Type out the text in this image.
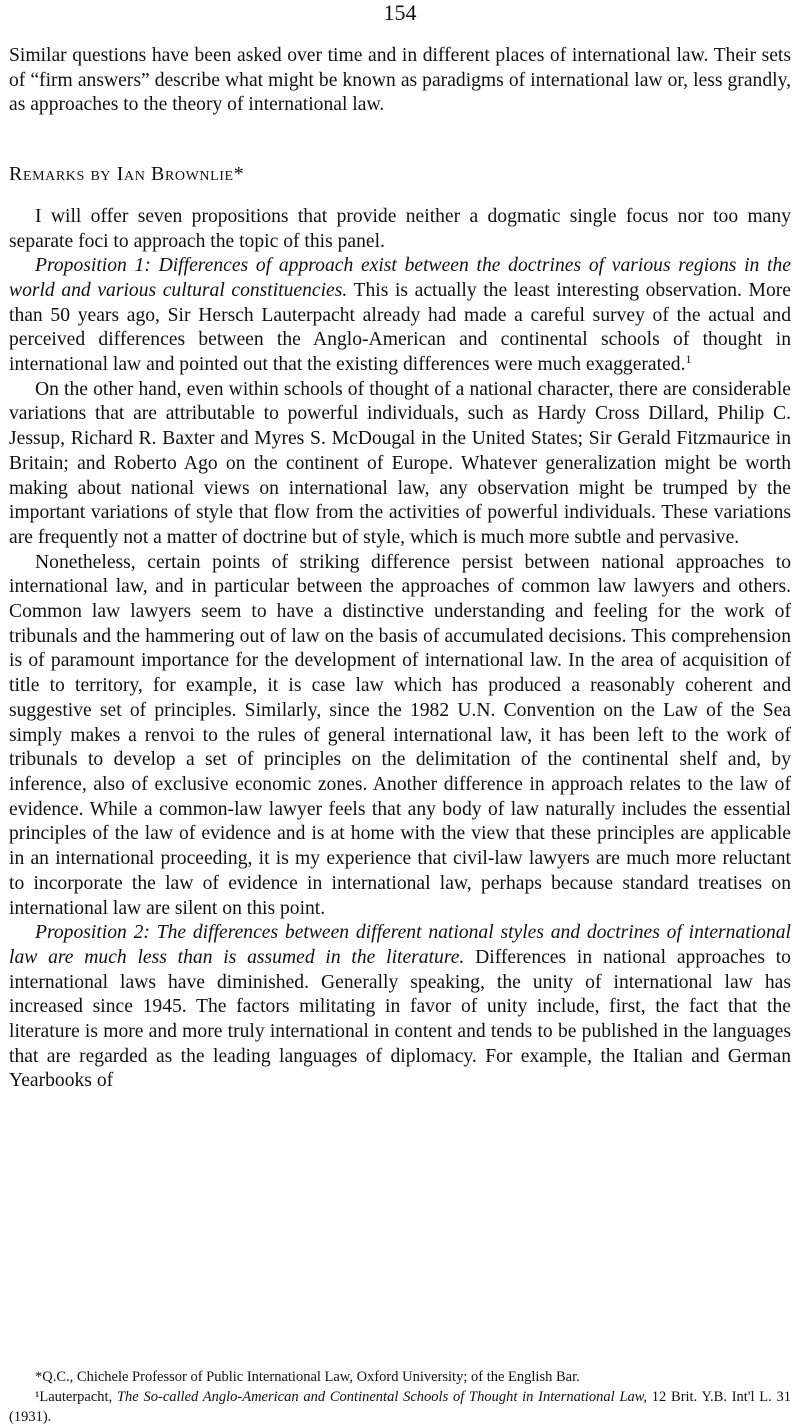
154

Similar questions have been asked over time and in different places of international law. Their sets of “firm answers” describe what might be known as paradigms of international law or, less grandly, as approaches to the theory of international law.

Remarks by Ian Brownlie*

I will offer seven propositions that provide neither a dogmatic single focus nor too many separate foci to approach the topic of this panel.

Proposition 1: Differences of approach exist between the doctrines of various regions in the world and various cultural constituencies. This is actually the least interesting observation. More than 50 years ago, Sir Hersch Lauterpacht already had made a careful survey of the actual and perceived differences between the Anglo-American and continental schools of thought in international law and pointed out that the existing differences were much exaggerated.$^1$

On the other hand, even within schools of thought of a national character, there are considerable variations that are attributable to powerful individuals, such as Hardy Cross Dillard, Philip C. Jessup, Richard R. Baxter and Myres S. McDougal in the United States; Sir Gerald Fitzmaurice in Britain; and Roberto Ago on the continent of Europe. Whatever generalization might be worth making about national views on international law, any observation might be trumped by the important variations of style that flow from the activities of powerful individuals. These variations are frequently not a matter of doctrine but of style, which is much more subtle and pervasive.

Nonetheless, certain points of striking difference persist between national approaches to international law, and in particular between the approaches of common law lawyers and others. Common law lawyers seem to have a distinctive understanding and feeling for the work of tribunals and the hammering out of law on the basis of accumulated decisions. This comprehension is of paramount importance for the development of international law. In the area of acquisition of title to territory, for example, it is case law which has produced a reasonably coherent and suggestive set of principles. Similarly, since the 1982 U.N. Convention on the Law of the Sea simply makes a renvoi to the rules of general international law, it has been left to the work of tribunals to develop a set of principles on the delimitation of the continental shelf and, by inference, also of exclusive economic zones. Another difference in approach relates to the law of evidence. While a common-law lawyer feels that any body of law naturally includes the essential principles of the law of evidence and is at home with the view that these principles are applicable in an international proceeding, it is my experience that civil-law lawyers are much more reluctant to incorporate the law of evidence in international law, perhaps because standard treatises on international law are silent on this point.

Proposition 2: The differences between different national styles and doctrines of international law are much less than is assumed in the literature. Differences in national approaches to international laws have diminished. Generally speaking, the unity of international law has increased since 1945. The factors militating in favor of unity include, first, the fact that the literature is more and more truly international in content and tends to be published in the languages that are regarded as the leading languages of diplomacy. For example, the Italian and German Yearbooks of

*Q.C., Chichele Professor of Public International Law, Oxford University; of the English Bar.

¹Lauterpacht, The So-called Anglo-American and Continental Schools of Thought in International Law, 12 Brit. Y.B. Int'l L. 31 (1931).
